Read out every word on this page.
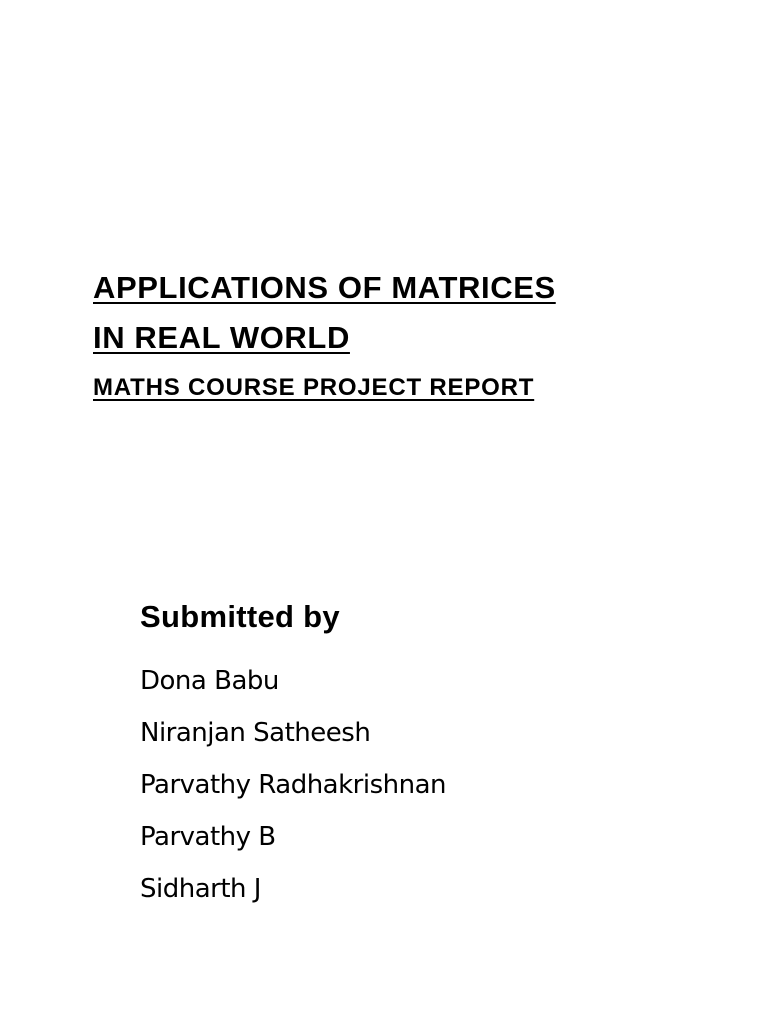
APPLICATIONS OF MATRICES
IN REAL WORLD
MATHS COURSE PROJECT REPORT
Submitted by
Dona Babu
Niranjan Satheesh
Parvathy Radhakrishnan
Parvathy B
Sidharth J
